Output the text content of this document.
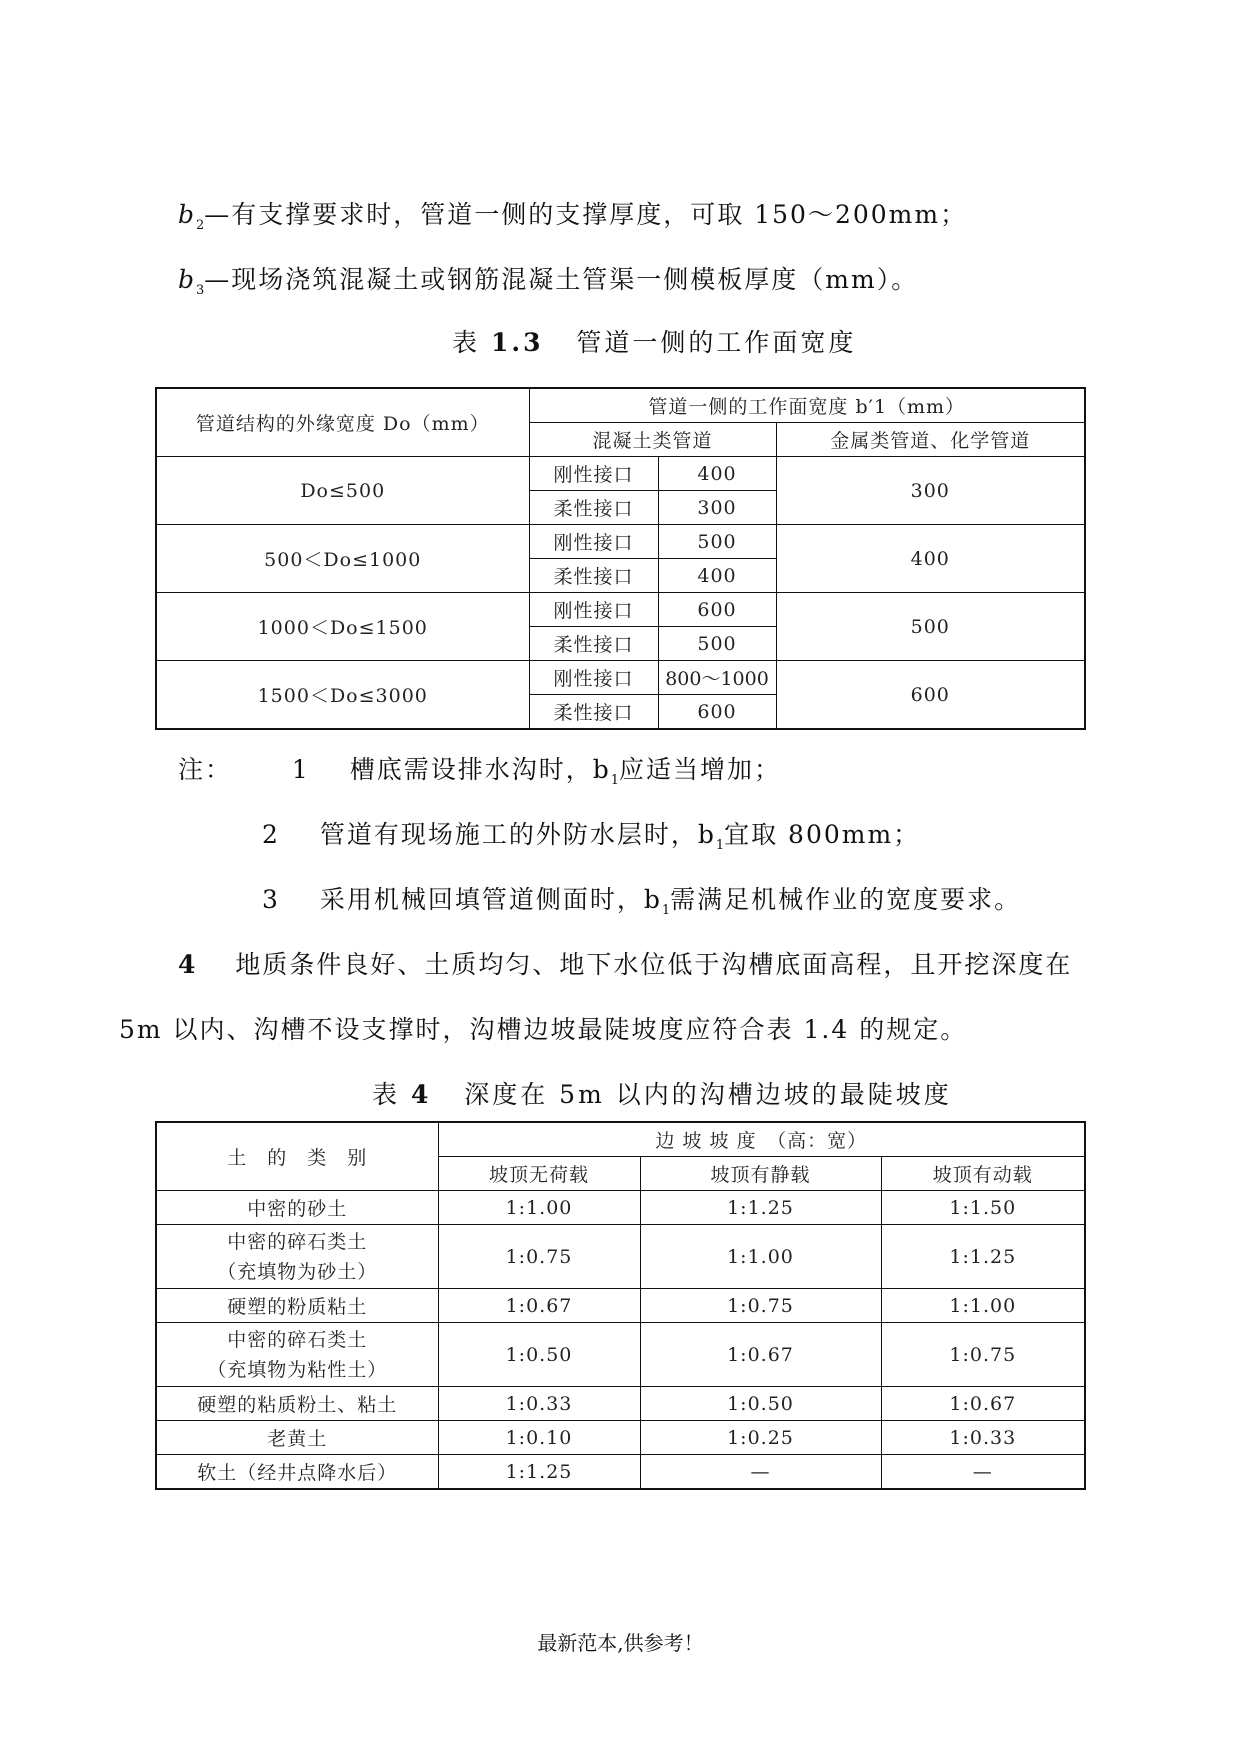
$b_2—$有支撑要求时，管道一侧的支撑厚度，可取 150～200mm；
$b_3—$现场浇筑混凝土或钢筋混凝土管渠一侧模板厚度（mm）。
表 1.3 管道一侧的工作面宽度
管道结构的外缘宽度 Do（mm）	管道一侧的工作面宽度 b′1（mm）		
	混凝土类管道		金属类管道、化学管道
Do≤500	刚性接口	400	300
	柔性接口	300	
500＜Do≤1000	刚性接口	500	400
	柔性接口	400	
1000＜Do≤1500	刚性接口	600	500
	柔性接口	500	
1500＜Do≤3000	刚性接口	800～1000	600
	柔性接口	600	
注： 1 槽底需设排水沟时，$b_1$应适当增加；
2 管道有现场施工的外防水层时，$b_1$宜取 800mm；
3 采用机械回填管道侧面时，$b_1$需满足机械作业的宽度要求。
4 地质条件良好、土质均匀、地下水位低于沟槽底面高程，且开挖深度在
5m 以内、沟槽不设支撑时，沟槽边坡最陡坡度应符合表 1.4 的规定。
表 4 深度在 5m 以内的沟槽边坡的最陡坡度
土　的　类　别	边 坡 坡 度　（高：宽）		
	坡顶无荷载	坡顶有静载	坡顶有动载
中密的砂土	1:1.00	1:1.25	1:1.50
中密的碎石类土
（充填物为砂土）	1:0.75	1:1.00	1:1.25
硬塑的粉质粘土	1:0.67	1:0.75	1:1.00
中密的碎石类土
（充填物为粘性土）	1:0.50	1:0.67	1:0.75
硬塑的粘质粉土、粘土	1:0.33	1:0.50	1:0.67
老黄土	1:0.10	1:0.25	1:0.33
软土（经井点降水后）	1:1.25	—	—
最新范本,供参考！
